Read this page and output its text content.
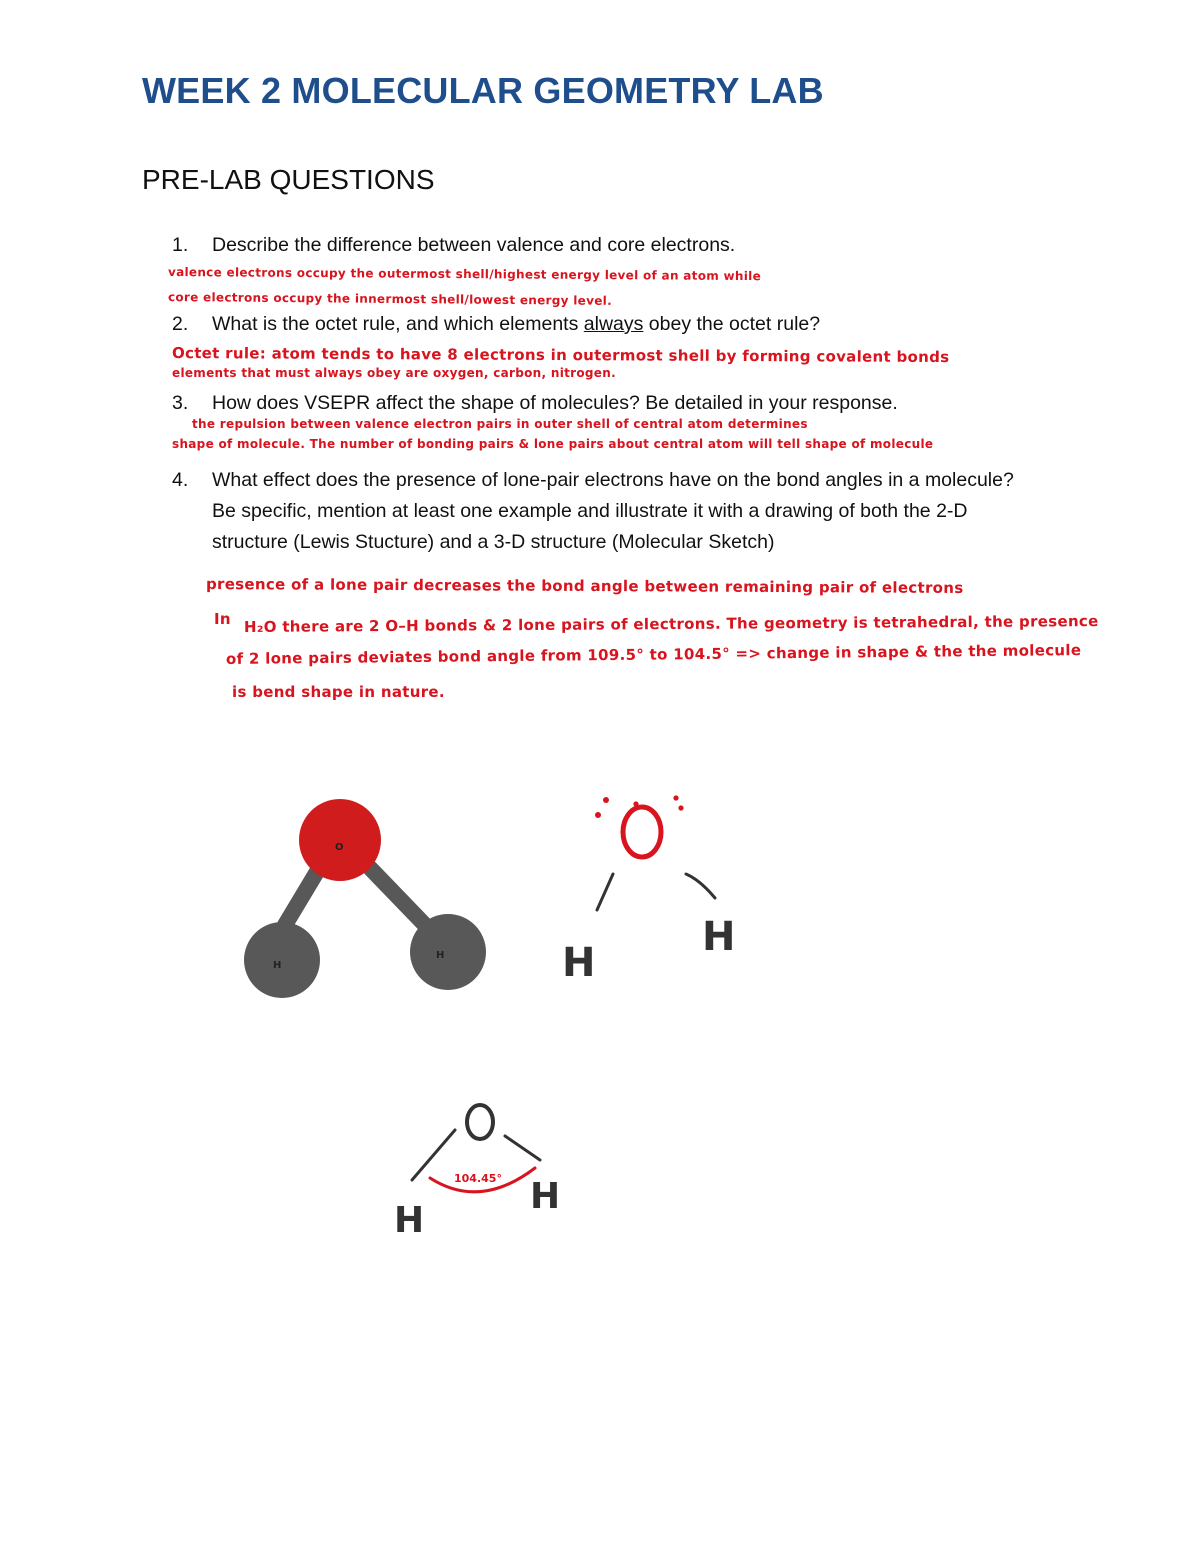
WEEK 2 MOLECULAR GEOMETRY LAB
PRE-LAB QUESTIONS
1.	Describe the difference between valence and core electrons.
valence electrons occupy the outermost shell/highest energy level of an atom while
core electrons occupy the innermost shell/lowest energy level.
2.	What is the octet rule, and which elements always obey the octet rule?
Octet rule: atom tends to have 8 electrons in outermost shell by forming covalent bonds
elements that must always obey are oxygen, carbon, nitrogen.
3.	How does VSEPR affect the shape of molecules? Be detailed in your response.
the repulsion between valence electron pairs in outer shell of central atom determines
shape of molecule. The number of bonding pairs & lone pairs about central atom will tell shape of molecule
4.	What effect does the presence of lone-pair electrons have on the bond angles in a molecule? Be specific, mention at least one example and illustrate it with a drawing of both the 2-D structure (Lewis Stucture) and a 3-D structure (Molecular Sketch)
presence of a lone pair decreases the bond angle between remaining pair of electrons
In H₂O there are 2 O–H bonds & 2 lone pairs of electrons. The geometry is tetrahedral, the presence
of 2 lone pairs deviates bond angle from 109.5° to 104.5° => change in shape & the the molecule
is bend shape in nature.
O
H
H	H
H
104.45°
H
H
